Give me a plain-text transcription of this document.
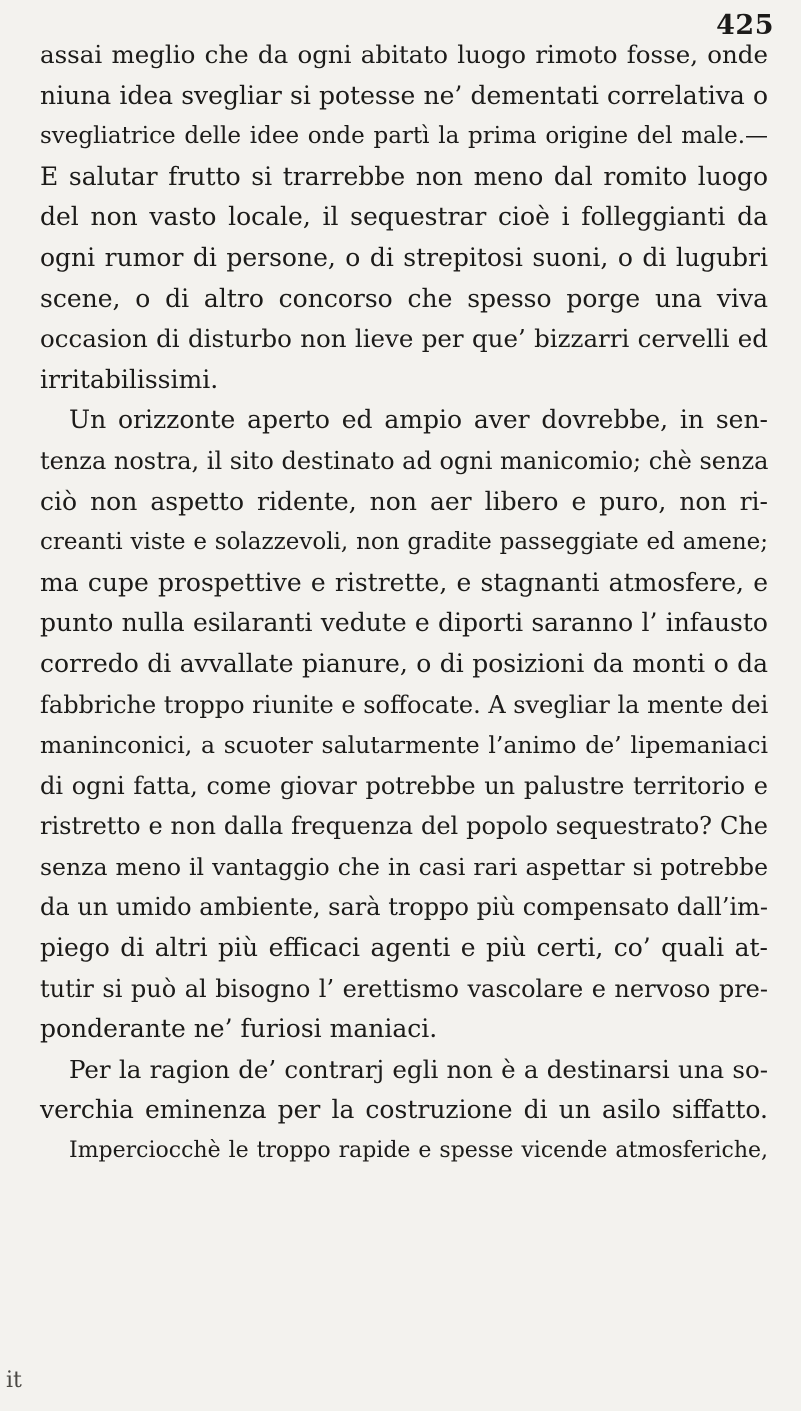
425
assai meglio che da ogni abitato luogo rimoto fosse, onde
niuna idea svegliar si potesse ne’ dementati correlativa o
svegliatrice delle idee onde partì la prima origine del male.—
E salutar frutto si trarrebbe non meno dal romito luogo
del non vasto locale, il sequestrar cioè i folleggianti da
ogni rumor di persone, o di strepitosi suoni, o di lugubri
scene, o di altro concorso che spesso porge una viva
occasion di disturbo non lieve per que’ bizzarri cervelli ed
irritabilissimi.
Un orizzonte aperto ed ampio aver dovrebbe, in sen-
tenza nostra, il sito destinato ad ogni manicomio; chè senza
ciò non aspetto ridente, non aer libero e puro, non ri-
creanti viste e solazzevoli, non gradite passeggiate ed amene;
ma cupe prospettive e ristrette, e stagnanti atmosfere, e
punto nulla esilaranti vedute e diporti saranno l’ infausto
corredo di avvallate pianure, o di posizioni da monti o da
fabbriche troppo riunite e soffocate. A svegliar la mente dei
maninconici, a scuoter salutarmente l’animo de’ lipemaniaci
di ogni fatta, come giovar potrebbe un palustre territorio e
ristretto e non dalla frequenza del popolo sequestrato? Che
senza meno il vantaggio che in casi rari aspettar si potrebbe
da un umido ambiente, sarà troppo più compensato dall’im-
piego di altri più efficaci agenti e più certi, co’ quali at-
tutir si può al bisogno l’ erettismo vascolare e nervoso pre-
ponderante ne’ furiosi maniaci.
Per la ragion de’ contrarj egli non è a destinarsi una so-
verchia eminenza per la costruzione di un asilo siffatto.
Imperciocchè le troppo rapide e spesse vicende atmosferiche,
it
